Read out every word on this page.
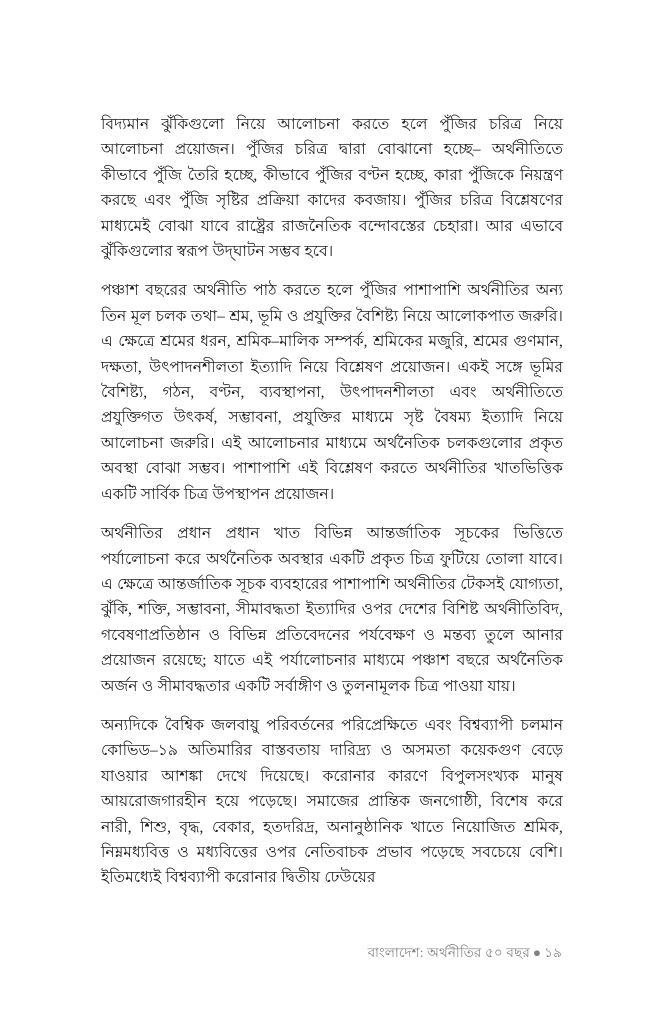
বিদ্যমান ঝুঁকিগুলো নিয়ে আলোচনা করতে হলে পুঁজির চরিত্র নিয়ে আলোচনা প্রয়োজন। পুঁজির চরিত্র দ্বারা বোঝানো হচ্ছে– অর্থনীতিতে কীভাবে পুঁজি তৈরি হচ্ছে, কীভাবে পুঁজির বণ্টন হচ্ছে, কারা পুঁজিকে নিয়ন্ত্রণ করছে এবং পুঁজি সৃষ্টির প্রক্রিয়া কাদের কবজায়। পুঁজির চরিত্র বিশ্লেষণের মাধ্যমেই বোঝা যাবে রাষ্ট্রের রাজনৈতিক বন্দোবস্তের চেহারা। আর এভাবে ঝুঁকিগুলোর স্বরূপ উদ্‌ঘাটন সম্ভব হবে।

পঞ্চাশ বছরের অর্থনীতি পাঠ করতে হলে পুঁজির পাশাপাশি অর্থনীতির অন্য তিন মূল চলক তথা– শ্রম, ভূমি ও প্রযুক্তির বৈশিষ্ট্য নিয়ে আলোকপাত জরুরি। এ ক্ষেত্রে শ্রমের ধরন, শ্রমিক–মালিক সম্পর্ক, শ্রমিকের মজুরি, শ্রমের গুণমান, দক্ষতা, উৎপাদনশীলতা ইত্যাদি নিয়ে বিশ্লেষণ প্রয়োজন। একই সঙ্গে ভূমির বৈশিষ্ট্য, গঠন, বণ্টন, ব্যবস্থাপনা, উৎপাদনশীলতা এবং অর্থনীতিতে প্রযুক্তিগত উৎকর্ষ, সম্ভাবনা, প্রযুক্তির মাধ্যমে সৃষ্ট বৈষম্য ইত্যাদি নিয়ে আলোচনা জরুরি। এই আলোচনার মাধ্যমে অর্থনৈতিক চলকগুলোর প্রকৃত অবস্থা বোঝা সম্ভব। পাশাপাশি এই বিশ্লেষণ করতে অর্থনীতির খাতভিত্তিক একটি সার্বিক চিত্র উপস্থাপন প্রয়োজন।

অর্থনীতির প্রধান প্রধান খাত বিভিন্ন আন্তর্জাতিক সূচকের ভিত্তিতে পর্যালোচনা করে অর্থনৈতিক অবস্থার একটি প্রকৃত চিত্র ফুটিয়ে তোলা যাবে। এ ক্ষেত্রে আন্তর্জাতিক সূচক ব্যবহারের পাশাপাশি অর্থনীতির টেকসই যোগ্যতা, ঝুঁকি, শক্তি, সম্ভাবনা, সীমাবদ্ধতা ইত্যাদির ওপর দেশের বিশিষ্ট অর্থনীতিবিদ, গবেষণাপ্রতিষ্ঠান ও বিভিন্ন প্রতিবেদনের পর্যবেক্ষণ ও মন্তব্য তুলে আনার প্রয়োজন রয়েছে; যাতে এই পর্যালোচনার মাধ্যমে পঞ্চাশ বছরে অর্থনৈতিক অর্জন ও সীমাবদ্ধতার একটি সর্বাঙ্গীণ ও তুলনামূলক চিত্র পাওয়া যায়।

অন্যদিকে বৈশ্বিক জলবায়ু পরিবর্তনের পরিপ্রেক্ষিতে এবং বিশ্বব্যাপী চলমান কোভিড–১৯ অতিমারির বাস্তবতায় দারিদ্র্য ও অসমতা কয়েকগুণ বেড়ে যাওয়ার আশঙ্কা দেখে দিয়েছে। করোনার কারণে বিপুলসংখ্যক মানুষ আয়রোজগারহীন হয়ে পড়েছে। সমাজের প্রান্তিক জনগোষ্ঠী, বিশেষ করে নারী, শিশু, বৃদ্ধ, বেকার, হতদরিদ্র, অনানুষ্ঠানিক খাতে নিয়োজিত শ্রমিক, নিম্নমধ্যবিত্ত ও মধ্যবিত্তের ওপর নেতিবাচক প্রভাব পড়েছে সবচেয়ে বেশি। ইতিমধ্যেই বিশ্বব্যাপী করোনার দ্বিতীয় ঢেউয়ের

বাংলাদেশ: অর্থনীতির ৫০ বছর ● ১৯
